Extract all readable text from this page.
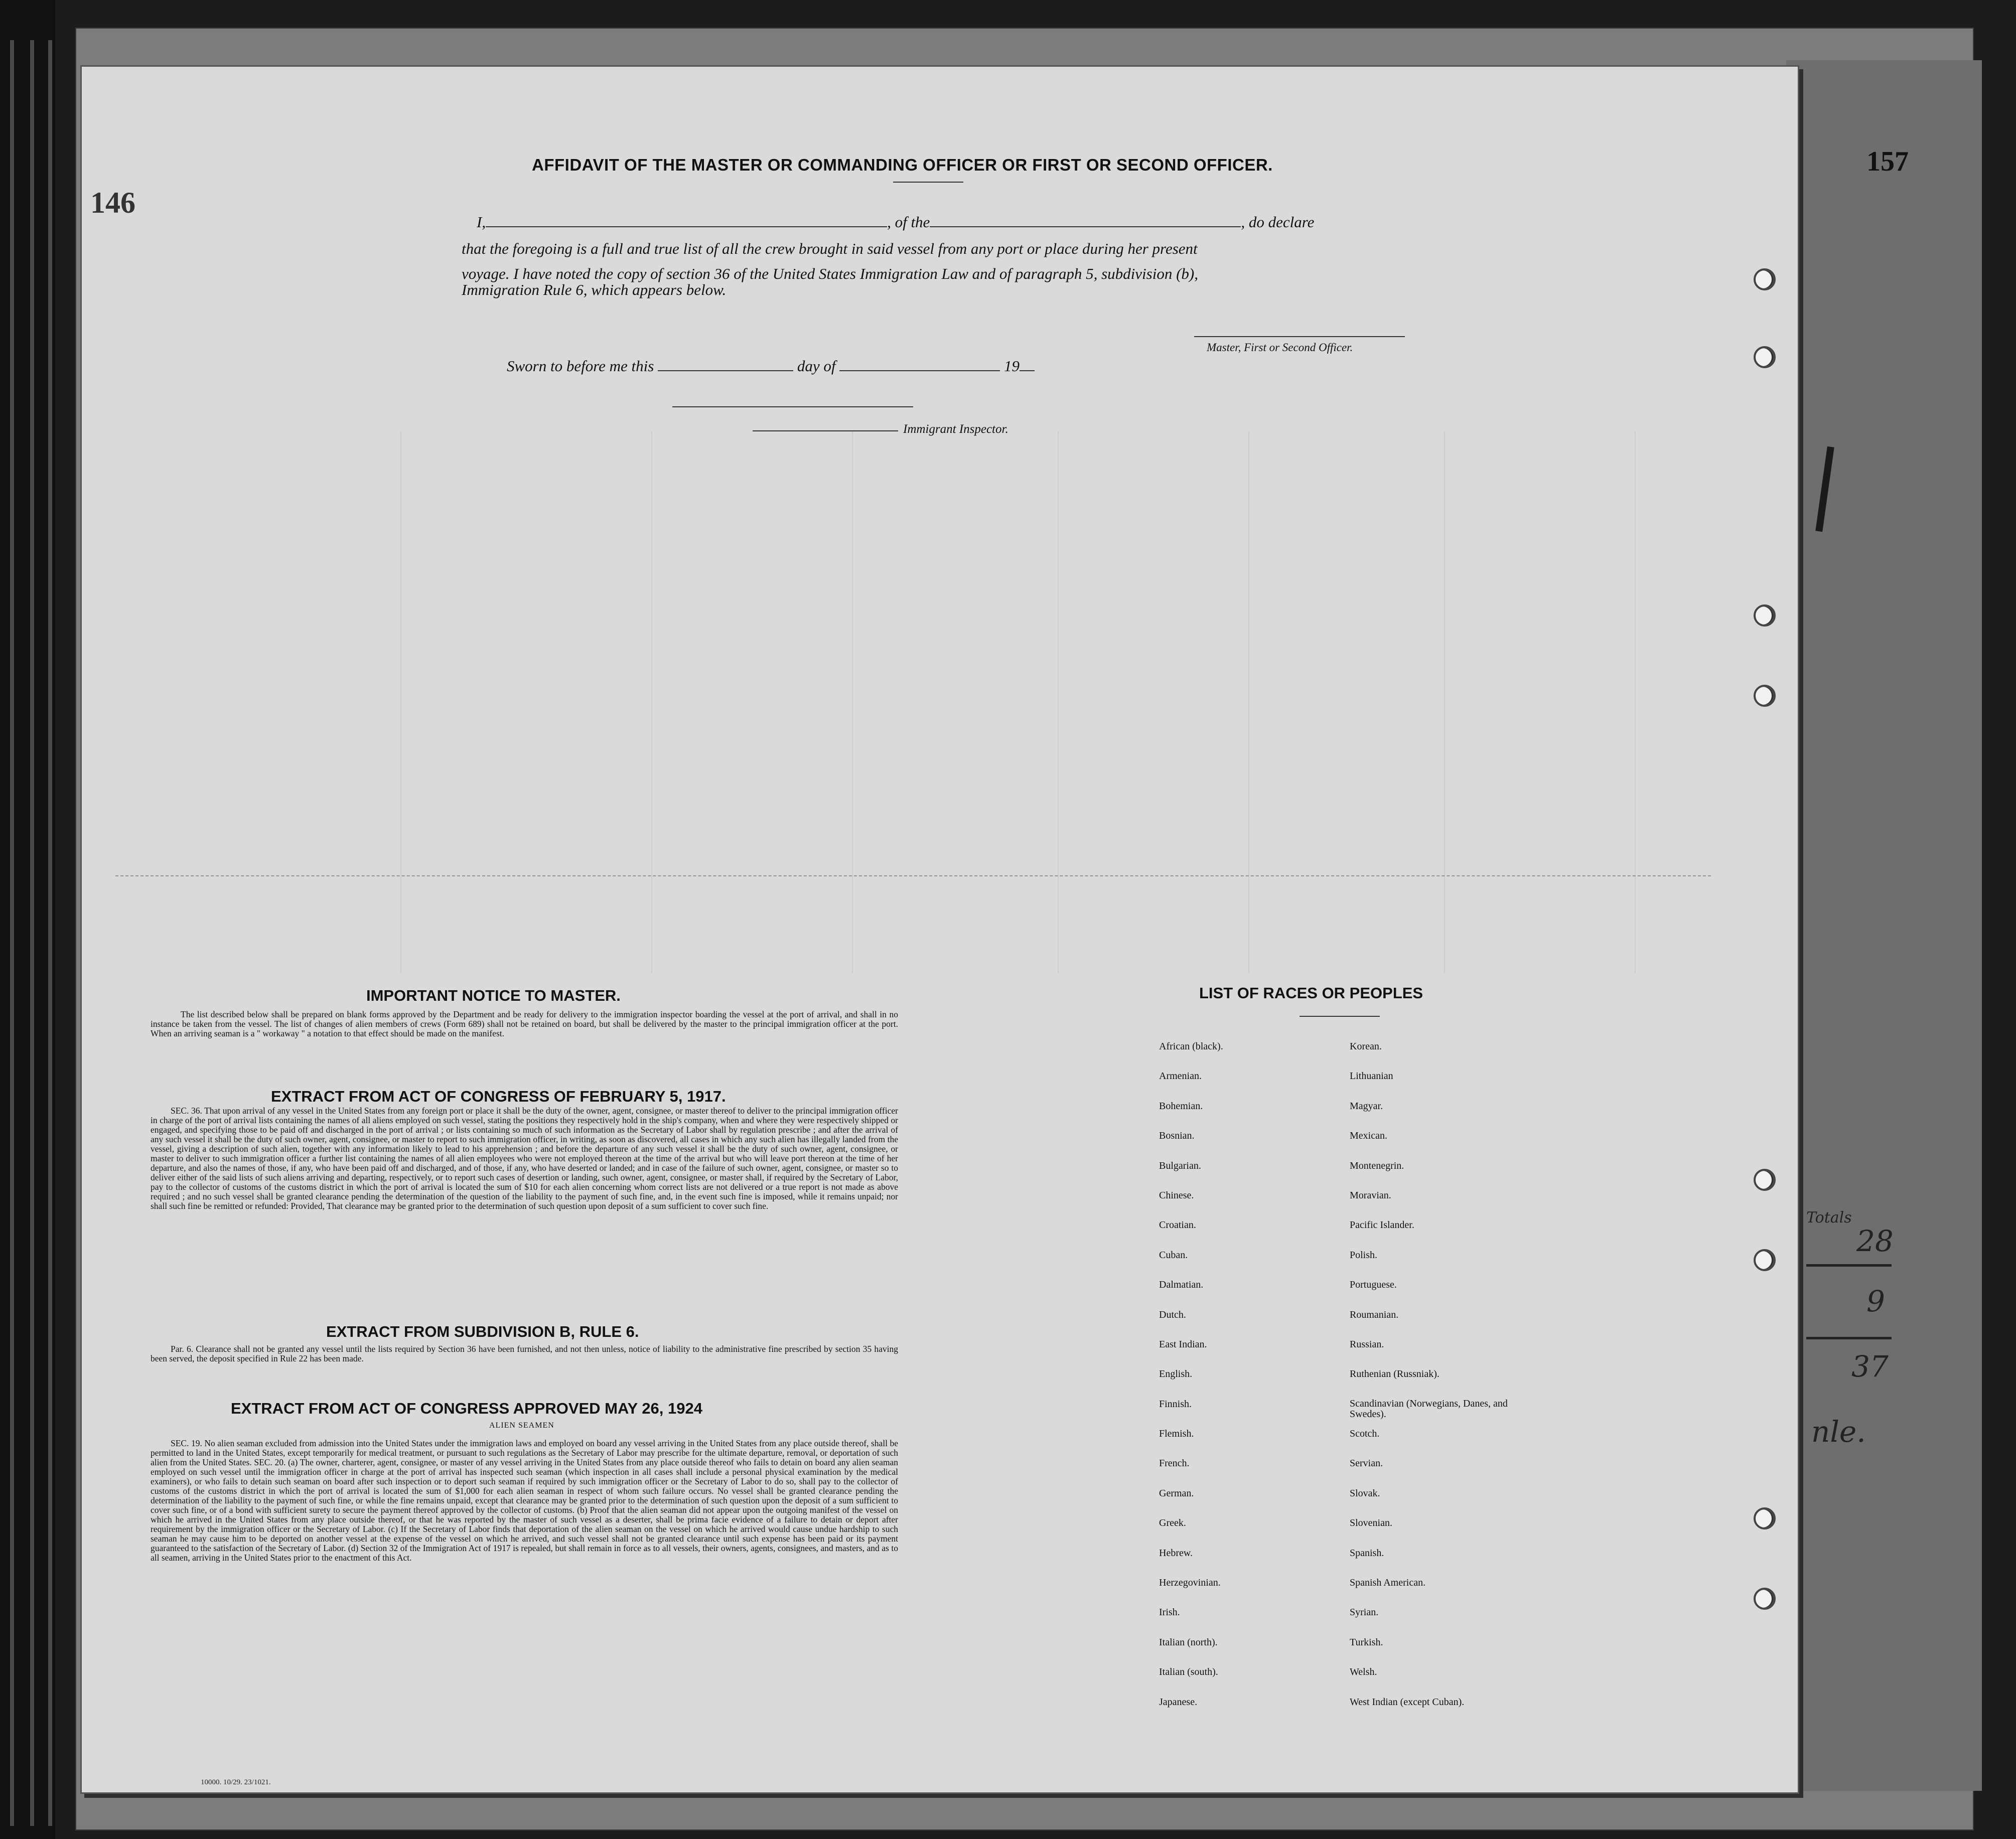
157
146
AFFIDAVIT OF THE MASTER OR COMMANDING OFFICER OR FIRST OR SECOND OFFICER.
I,	, of the	, do declare
that the foregoing is a full and true list of all the crew brought in said vessel from any port or place during her present
voyage. I have noted the copy of section 36 of the United States Immigration Law and of paragraph 5, subdivision (b),
Immigration Rule 6, which appears below.
Master, First or Second Officer.
Sworn to before me this	day of	19
Immigrant Inspector.
IMPORTANT NOTICE TO MASTER.
The list described below shall be prepared on blank forms approved by the Department and be ready for delivery to the immigration inspector boarding the vessel at the port of arrival, and shall in no instance be taken from the vessel. The list of changes of alien members of crews (Form 689) shall not be retained on board, but shall be delivered by the master to the principal immigration officer at the port. When an arriving seaman is a " workaway " a notation to that effect should be made on the manifest.
EXTRACT FROM ACT OF CONGRESS OF FEBRUARY 5, 1917.
SEC. 36. That upon arrival of any vessel in the United States from any foreign port or place it shall be the duty of the owner, agent, consignee, or master thereof to deliver to the principal immigration officer in charge of the port of arrival lists containing the names of all aliens employed on such vessel, stating the positions they respectively hold in the ship's company, when and where they were respectively shipped or engaged, and specifying those to be paid off and discharged in the port of arrival ; or lists containing so much of such information as the Secretary of Labor shall by regulation prescribe ; and after the arrival of any such vessel it shall be the duty of such owner, agent, consignee, or master to report to such immigration officer, in writing, as soon as discovered, all cases in which any such alien has illegally landed from the vessel, giving a description of such alien, together with any information likely to lead to his apprehension ; and before the departure of any such vessel it shall be the duty of such owner, agent, consignee, or master to deliver to such immigration officer a further list containing the names of all alien employees who were not employed thereon at the time of the arrival but who will leave port thereon at the time of her departure, and also the names of those, if any, who have been paid off and discharged, and of those, if any, who have deserted or landed; and in case of the failure of such owner, agent, consignee, or master so to deliver either of the said lists of such aliens arriving and departing, respectively, or to report such cases of desertion or landing, such owner, agent, consignee, or master shall, if required by the Secretary of Labor, pay to the collector of customs of the customs district in which the port of arrival is located the sum of $10 for each alien concerning whom correct lists are not delivered or a true report is not made as above required ; and no such vessel shall be granted clearance pending the determination of the question of the liability to the payment of such fine, and, in the event such fine is imposed, while it remains unpaid; nor shall such fine be remitted or refunded: Provided, That clearance may be granted prior to the determination of such question upon deposit of a sum sufficient to cover such fine.
EXTRACT FROM SUBDIVISION B, RULE 6.
Par. 6. Clearance shall not be granted any vessel until the lists required by Section 36 have been furnished, and not then unless, notice of liability to the administrative fine prescribed by section 35 having been served, the deposit specified in Rule 22 has been made.
EXTRACT FROM ACT OF CONGRESS APPROVED MAY 26, 1924
ALIEN SEAMEN
SEC. 19. No alien seaman excluded from admission into the United States under the immigration laws and employed on board any vessel arriving in the United States from any place outside thereof, shall be permitted to land in the United States, except temporarily for medical treatment, or pursuant to such regulations as the Secretary of Labor may prescribe for the ultimate departure, removal, or deportation of such alien from the United States. SEC. 20. (a) The owner, charterer, agent, consignee, or master of any vessel arriving in the United States from any place outside thereof who fails to detain on board any alien seaman employed on such vessel until the immigration officer in charge at the port of arrival has inspected such seaman (which inspection in all cases shall include a personal physical examination by the medical examiners), or who fails to detain such seaman on board after such inspection or to deport such seaman if required by such immigration officer or the Secretary of Labor to do so, shall pay to the collector of customs of the customs district in which the port of arrival is located the sum of $1,000 for each alien seaman in respect of whom such failure occurs. No vessel shall be granted clearance pending the determination of the liability to the payment of such fine, or while the fine remains unpaid, except that clearance may be granted prior to the determination of such question upon the deposit of a sum sufficient to cover such fine, or of a bond with sufficient surety to secure the payment thereof approved by the collector of customs. (b) Proof that the alien seaman did not appear upon the outgoing manifest of the vessel on which he arrived in the United States from any place outside thereof, or that he was reported by the master of such vessel as a deserter, shall be prima facie evidence of a failure to detain or deport after requirement by the immigration officer or the Secretary of Labor. (c) If the Secretary of Labor finds that deportation of the alien seaman on the vessel on which he arrived would cause undue hardship to such seaman he may cause him to be deported on another vessel at the expense of the vessel on which he arrived, and such vessel shall not be granted clearance until such expense has been paid or its payment guaranteed to the satisfaction of the Secretary of Labor. (d) Section 32 of the Immigration Act of 1917 is repealed, but shall remain in force as to all vessels, their owners, agents, consignees, and masters, and as to all seamen, arriving in the United States prior to the enactment of this Act.
10000. 10/29. 23/1021.
LIST OF RACES OR PEOPLES
African (black).
Armenian.
Bohemian.
Bosnian.
Bulgarian.
Chinese.
Croatian.
Cuban.
Dalmatian.
Dutch.
East Indian.
English.
Finnish.
Flemish.
French.
German.
Greek.
Hebrew.
Herzegovinian.
Irish.
Italian (north).
Italian (south).
Japanese.
Korean.
Lithuanian
Magyar.
Mexican.
Montenegrin.
Moravian.
Pacific Islander.
Polish.
Portuguese.
Roumanian.
Russian.
Ruthenian (Russniak).
Scandinavian (Norwegians, Danes, and Swedes).
Scotch.
Servian.
Slovak.
Slovenian.
Spanish.
Spanish American.
Syrian.
Turkish.
Welsh.
West Indian (except Cuban).
Totals
28
9
37
nle.
